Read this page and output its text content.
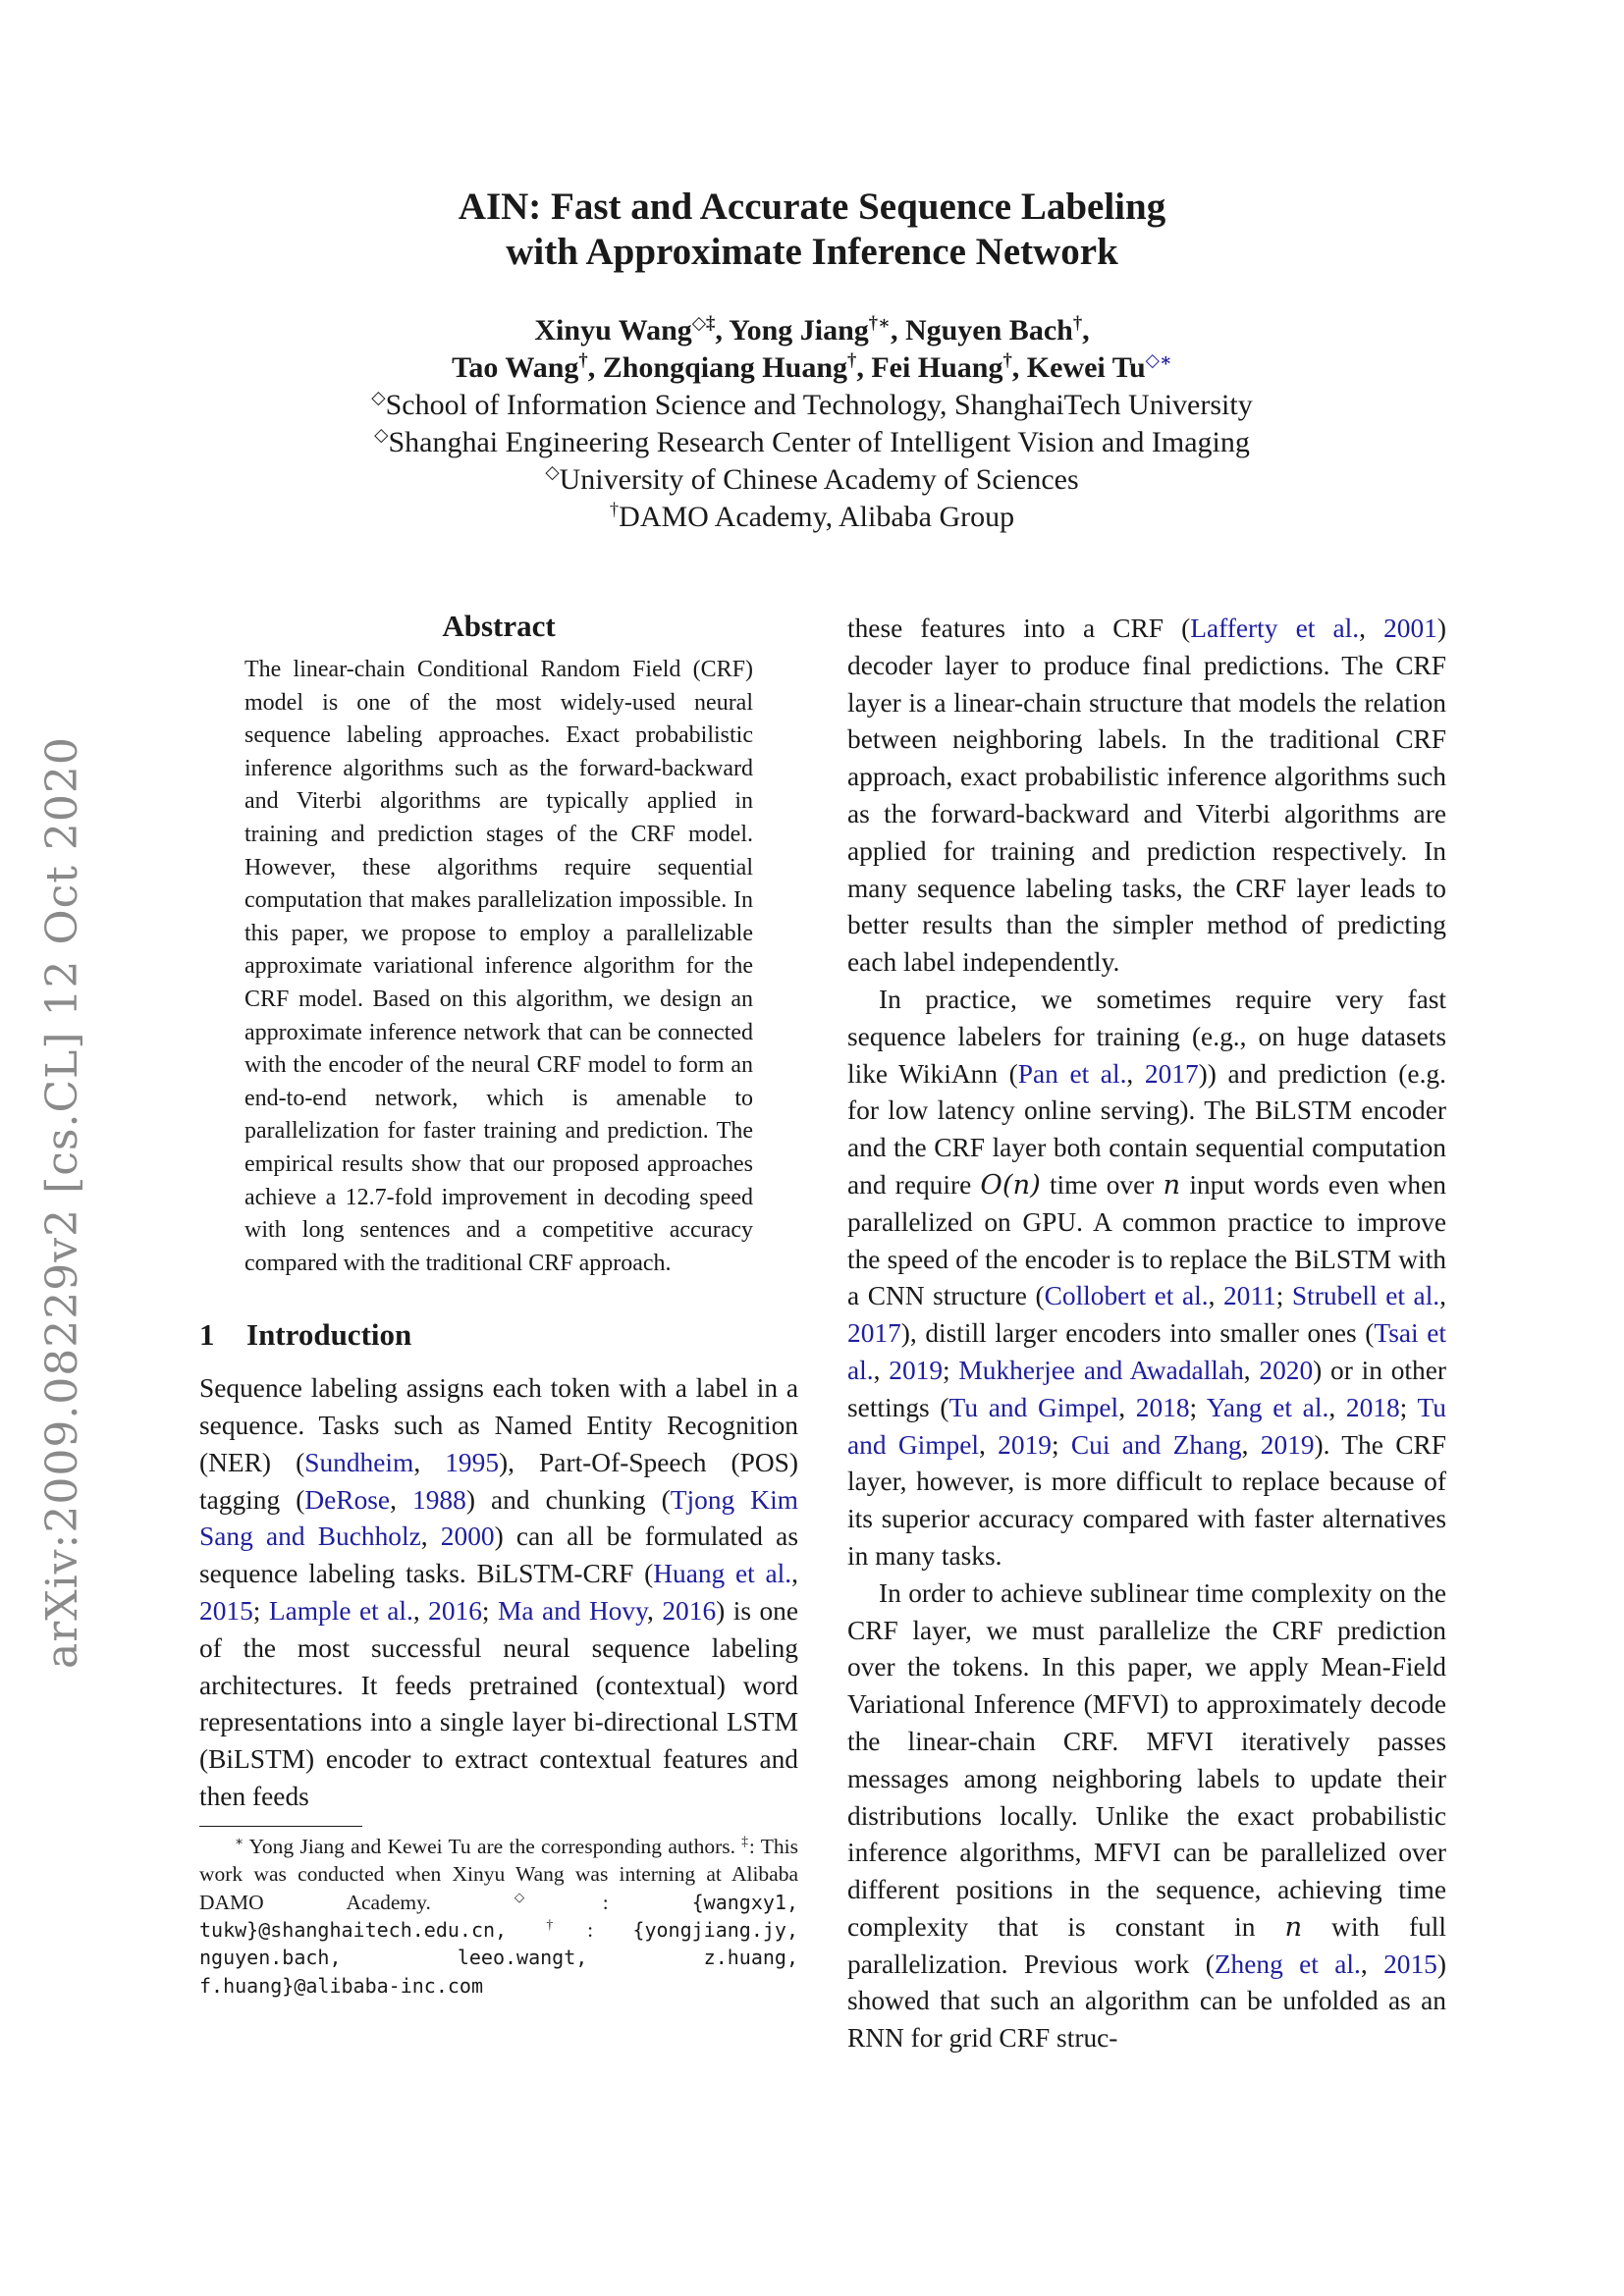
arXiv:2009.08229v2 [cs.CL] 12 Oct 2020
AIN: Fast and Accurate Sequence Labeling
with Approximate Inference Network
Xinyu Wang◇‡, Yong Jiang†∗, Nguyen Bach†,
Tao Wang†, Zhongqiang Huang†, Fei Huang†, Kewei Tu◇∗
◇School of Information Science and Technology, ShanghaiTech University
◇Shanghai Engineering Research Center of Intelligent Vision and Imaging
◇University of Chinese Academy of Sciences
†DAMO Academy, Alibaba Group
Abstract
The linear-chain Conditional Random Field (CRF) model is one of the most widely-used neural sequence labeling approaches. Exact probabilistic inference algorithms such as the forward-backward and Viterbi algorithms are typically applied in training and prediction stages of the CRF model. However, these algorithms require sequential computation that makes parallelization impossible. In this paper, we propose to employ a parallelizable approximate variational inference algorithm for the CRF model. Based on this algorithm, we design an approximate inference network that can be connected with the encoder of the neural CRF model to form an end-to-end network, which is amenable to parallelization for faster training and prediction. The empirical results show that our proposed approaches achieve a 12.7-fold improvement in decoding speed with long sentences and a competitive accuracy compared with the traditional CRF approach.
1 Introduction
Sequence labeling assigns each token with a label in a sequence. Tasks such as Named Entity Recognition (NER) (Sundheim, 1995), Part-Of-Speech (POS) tagging (DeRose, 1988) and chunking (Tjong Kim Sang and Buchholz, 2000) can all be formulated as sequence labeling tasks. BiLSTM-CRF (Huang et al., 2015; Lample et al., 2016; Ma and Hovy, 2016) is one of the most successful neural sequence labeling architectures. It feeds pretrained (contextual) word representations into a single layer bi-directional LSTM (BiLSTM) encoder to extract contextual features and then feeds
∗ Yong Jiang and Kewei Tu are the corresponding authors. ‡: This work was conducted when Xinyu Wang was interning at Alibaba DAMO Academy. ◇: {wangxy1, tukw}@shanghaitech.edu.cn,	†: {yongjiang.jy, nguyen.bach, leeo.wangt, z.huang, f.huang}@alibaba-inc.com
these features into a CRF (Lafferty et al., 2001) decoder layer to produce final predictions. The CRF layer is a linear-chain structure that models the relation between neighboring labels. In the traditional CRF approach, exact probabilistic inference algorithms such as the forward-backward and Viterbi algorithms are applied for training and prediction respectively. In many sequence labeling tasks, the CRF layer leads to better results than the simpler method of predicting each label independently.
In practice, we sometimes require very fast sequence labelers for training (e.g., on huge datasets like WikiAnn (Pan et al., 2017)) and prediction (e.g. for low latency online serving). The BiLSTM encoder and the CRF layer both contain sequential computation and require O(n) time over n input words even when parallelized on GPU. A common practice to improve the speed of the encoder is to replace the BiLSTM with a CNN structure (Collobert et al., 2011; Strubell et al., 2017), distill larger encoders into smaller ones (Tsai et al., 2019; Mukherjee and Awadallah, 2020) or in other settings (Tu and Gimpel, 2018; Yang et al., 2018; Tu and Gimpel, 2019; Cui and Zhang, 2019). The CRF layer, however, is more difficult to replace because of its superior accuracy compared with faster alternatives in many tasks.
In order to achieve sublinear time complexity on the CRF layer, we must parallelize the CRF prediction over the tokens. In this paper, we apply Mean-Field Variational Inference (MFVI) to approximately decode the linear-chain CRF. MFVI iteratively passes messages among neighboring labels to update their distributions locally. Unlike the exact probabilistic inference algorithms, MFVI can be parallelized over different positions in the sequence, achieving time complexity that is constant in n with full parallelization. Previous work (Zheng et al., 2015) showed that such an algorithm can be unfolded as an RNN for grid CRF struc-
